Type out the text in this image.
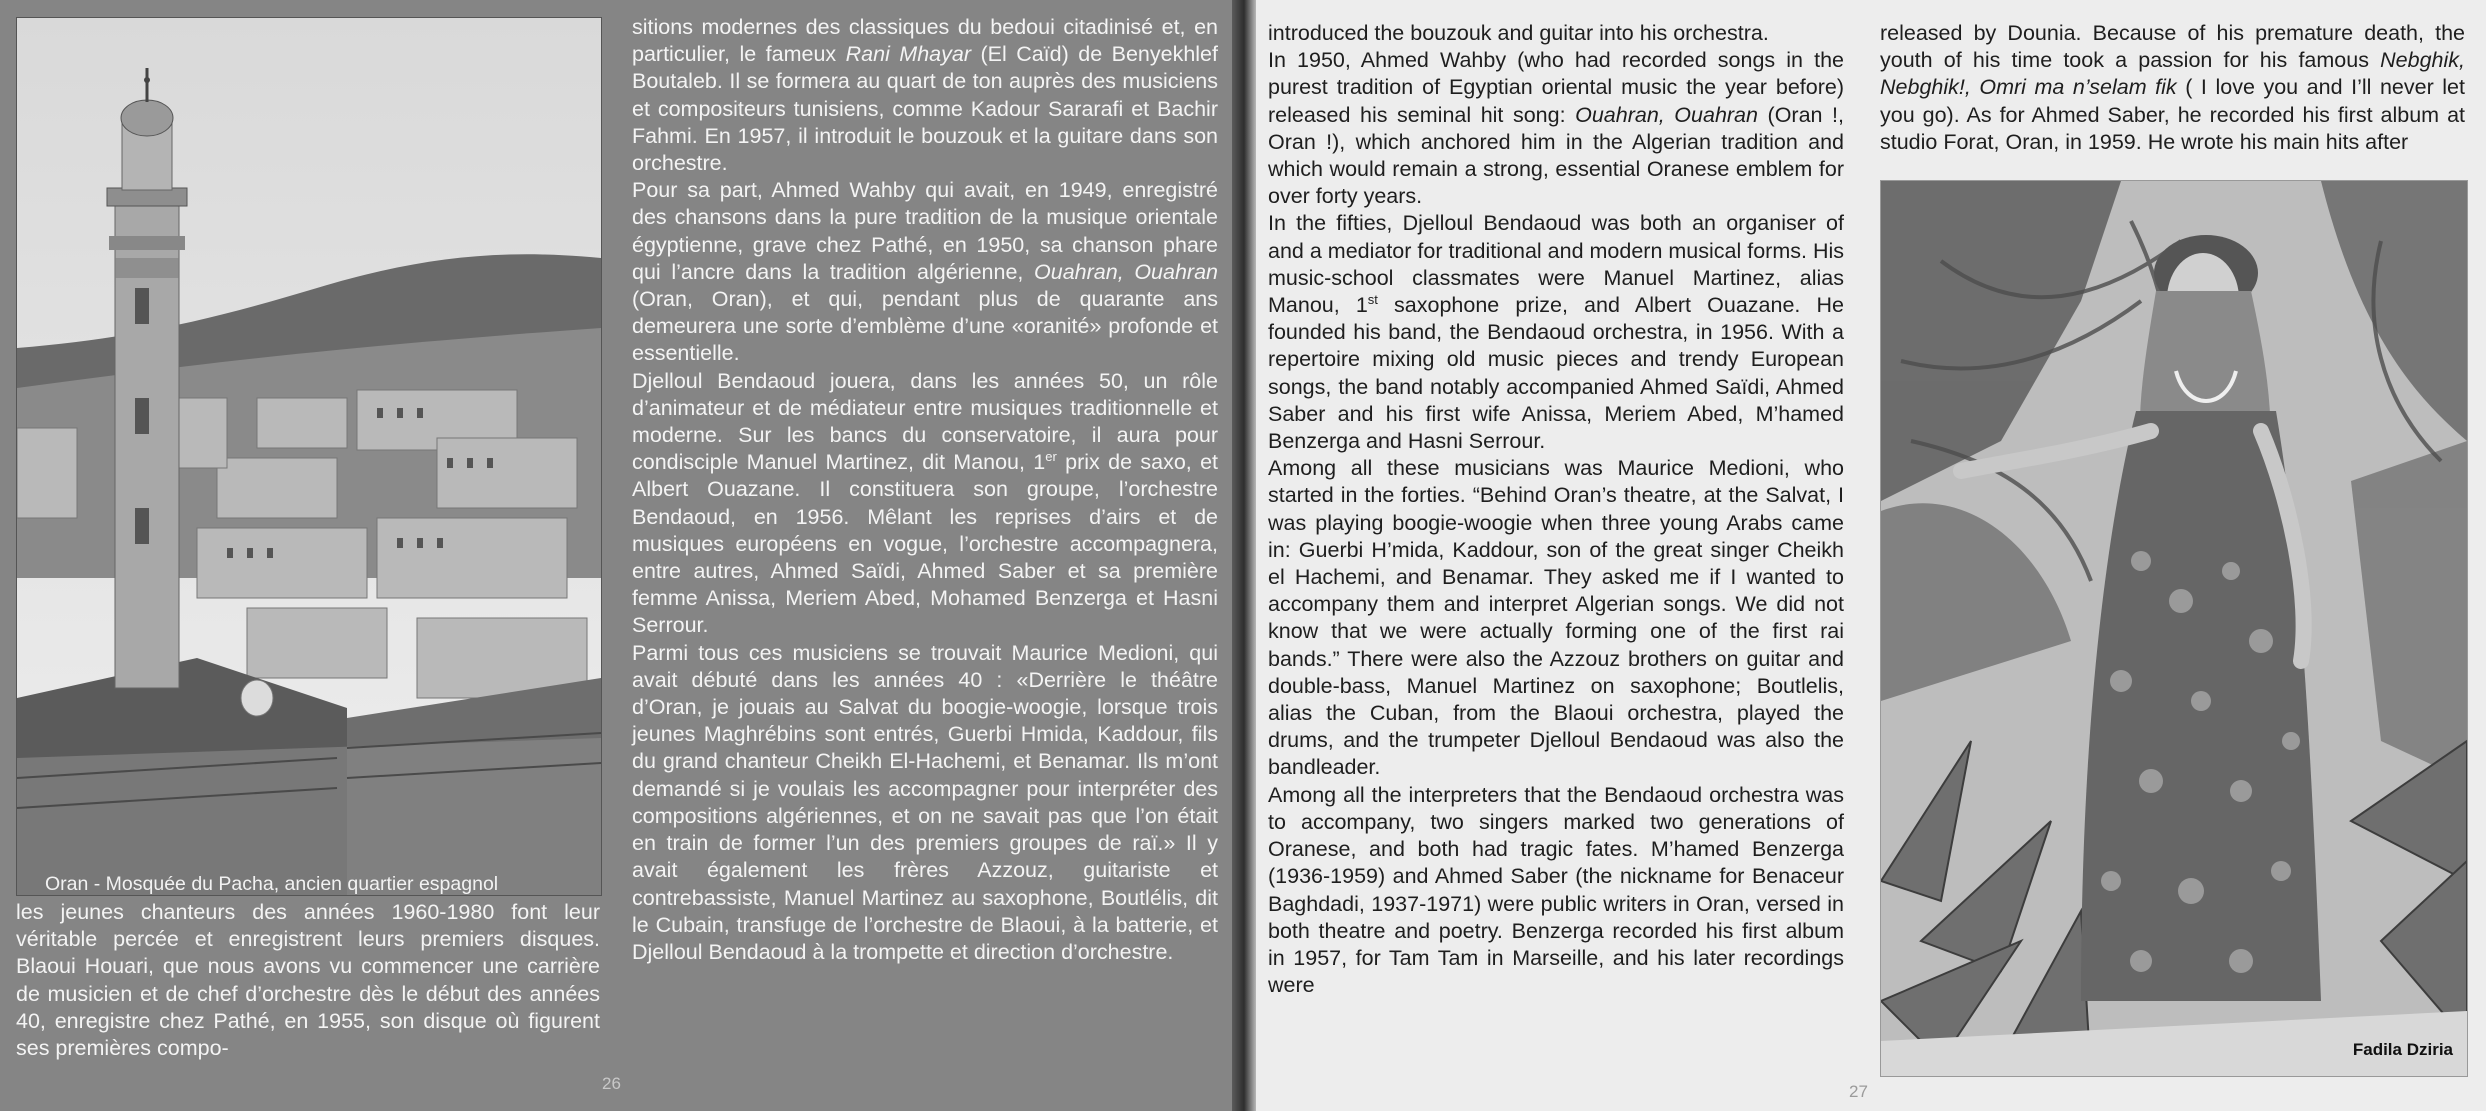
Oran - Mosquée du Pacha, ancien quartier espagnol

les jeunes chanteurs des années 1960-1980 font leur véritable percée et enregistrent leurs premiers disques. Blaoui Houari, que nous avons vu commencer une carrière de musicien et de chef d’orchestre dès le début des années 40, enregistre chez Pathé, en 1955, son disque où figurent ses premières compo-

sitions modernes des classiques du bedoui citadinisé et, en particulier, le fameux Rani Mhayar (El Caïd) de Benyekhlef Boutaleb. Il se formera au quart de ton auprès des musiciens et compositeurs tunisiens, comme Kadour Sararafi et Bachir Fahmi. En 1957, il introduit le bouzouk et la guitare dans son orchestre.

Pour sa part, Ahmed Wahby qui avait, en 1949, enregistré des chansons dans la pure tradition de la musique orientale égyptienne, grave chez Pathé, en 1950, sa chanson phare qui l’ancre dans la tradition algérienne, Ouahran, Ouahran (Oran, Oran), et qui, pendant plus de quarante ans demeurera une sorte d’emblème d’une «oranité» profonde et essentielle.

Djelloul Bendaoud jouera, dans les années 50, un rôle d’animateur et de médiateur entre musiques traditionnelle et moderne. Sur les bancs du conservatoire, il aura pour condisciple Manuel Martinez, dit Manou, 1er prix de saxo, et Albert Ouazane. Il constituera son groupe, l’orchestre Bendaoud, en 1956. Mêlant les reprises d’airs et de musiques européens en vogue, l’orchestre accompagnera, entre autres, Ahmed Saïdi, Ahmed Saber et sa première femme Anissa, Meriem Abed, Mohamed Benzerga et Hasni Serrour.

Parmi tous ces musiciens se trouvait Maurice Medioni, qui avait débuté dans les années 40 : «Derrière le théâtre d’Oran, je jouais au Salvat du boogie-woogie, lorsque trois jeunes Maghrébins sont entrés, Guerbi Hmida, Kaddour, fils du grand chanteur Cheikh El-Hachemi, et Benamar. Ils m’ont demandé si je voulais les accompagner pour interpréter des compositions algériennes, et on ne savait pas que l’on était en train de former l’un des premiers groupes de raï.» Il y avait également les frères Azzouz, guitariste et contrebassiste, Manuel Martinez au saxophone, Boutlélis, dit le Cubain, transfuge de l’orchestre de Blaoui, à la batterie, et Djelloul Bendaoud à la trompette et direction d’orchestre.

26

introduced the bouzouk and guitar into his orchestra.

In 1950, Ahmed Wahby (who had recorded songs in the purest tradition of Egyptian oriental music the year before) released his seminal hit song: Ouahran, Ouahran (Oran !, Oran !), which anchored him in the Algerian tradition and which would remain a strong, essential Oranese emblem for over forty years.

In the fifties, Djelloul Bendaoud was both an organiser of and a mediator for traditional and modern musical forms. His music-school classmates were Manuel Martinez, alias Manou, 1st saxophone prize, and Albert Ouazane. He founded his band, the Bendaoud orchestra, in 1956. With a repertoire mixing old music pieces and trendy European songs, the band notably accompanied Ahmed Saïdi, Ahmed Saber and his first wife Anissa, Meriem Abed, M’hamed Benzerga and Hasni Serrour.

Among all these musicians was Maurice Medioni, who started in the forties. “Behind Oran’s theatre, at the Salvat, I was playing boogie-woogie when three young Arabs came in: Guerbi H’mida, Kaddour, son of the great singer Cheikh el Hachemi, and Benamar. They asked me if I wanted to accompany them and interpret Algerian songs. We did not know that we were actually forming one of the first rai bands.” There were also the Azzouz brothers on guitar and double-bass, Manuel Martinez on saxophone; Boutlelis, alias the Cuban, from the Blaoui orchestra, played the drums, and the trumpeter Djelloul Bendaoud was also the bandleader.

Among all the interpreters that the Bendaoud orchestra was to accompany, two singers marked two generations of Oranese, and both had tragic fates. M’hamed Benzerga (1936-1959) and Ahmed Saber (the nickname for Benaceur Baghdadi, 1937-1971) were public writers in Oran, versed in both theatre and poetry. Benzerga recorded his first album in 1957, for Tam Tam in Marseille, and his later recordings were

released by Dounia. Because of his premature death, the youth of his time took a passion for his famous Nebghik, Nebghik!, Omri ma n’selam fik ( I love you and I’ll never let you go). As for Ahmed Saber, he recorded his first album at studio Forat, Oran, in 1959. He wrote his main hits after

Fadila Dziria
27
